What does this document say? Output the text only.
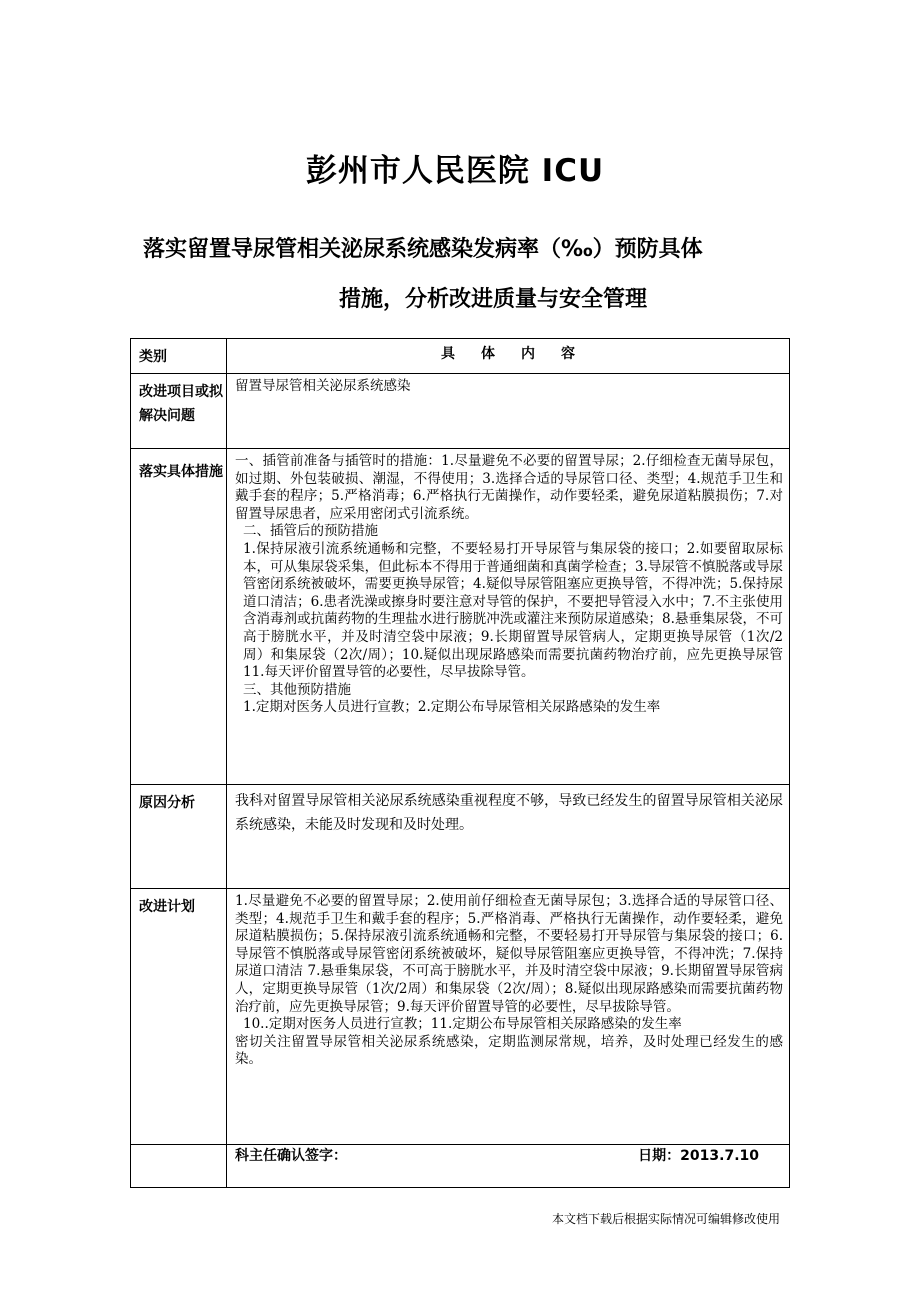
彭州市人民医院 ICU
落实留置导尿管相关泌尿系统感染发病率（‰）预防具体
措施，分析改进质量与安全管理
类别	具体内容
改进项目或拟解决问题	留置导尿管相关泌尿系统感染

落实具体措施	一、插管前准备与插管时的措施：1.尽量避免不必要的留置导尿；2.仔细检查无菌导尿包，如过期、外包装破损、潮湿，不得使用；3.选择合适的导尿管口径、类型；4.规范手卫生和戴手套的程序；5.严格消毒；6.严格执行无菌操作，动作要轻柔，避免尿道粘膜损伤；7.对留置导尿患者，应采用密闭式引流系统。

二、插管后的预防措施

1.保持尿液引流系统通畅和完整，不要轻易打开导尿管与集尿袋的接口；2.如要留取尿标本，可从集尿袋采集，但此标本不得用于普通细菌和真菌学检查；3.导尿管不慎脱落或导尿管密闭系统被破坏，需要更换导尿管；4.疑似导尿管阻塞应更换导管，不得冲洗；5.保持尿道口清洁；6.患者洗澡或擦身时要注意对导管的保护，不要把导管浸入水中；7.不主张使用含消毒剂或抗菌药物的生理盐水进行膀胱冲洗或灌注来预防尿道感染；8.悬垂集尿袋，不可高于膀胱水平，并及时清空袋中尿液；9.长期留置导尿管病人，定期更换导尿管（1次/2周）和集尿袋（2次/周）；10.疑似出现尿路感染而需要抗菌药物治疗前，应先更换导尿管 11.每天评价留置导管的必要性，尽早拔除导管。

三、其他预防措施

1.定期对医务人员进行宣教；2.定期公布导尿管相关尿路感染的发生率

原因分析	我科对留置导尿管相关泌尿系统感染重视程度不够，导致已经发生的留置导尿管相关泌尿系统感染，未能及时发现和及时处理。

改进计划	1.尽量避免不必要的留置导尿；2.使用前仔细检查无菌导尿包；3.选择合适的导尿管口径、类型；4.规范手卫生和戴手套的程序；5.严格消毒、严格执行无菌操作，动作要轻柔，避免尿道粘膜损伤；5.保持尿液引流系统通畅和完整，不要轻易打开导尿管与集尿袋的接口；6.导尿管不慎脱落或导尿管密闭系统被破坏，疑似导尿管阻塞应更换导管，不得冲洗；7.保持尿道口清洁 7.悬垂集尿袋，不可高于膀胱水平，并及时清空袋中尿液；9.长期留置导尿管病人，定期更换导尿管（1次/2周）和集尿袋（2次/周）；8.疑似出现尿路感染而需要抗菌药物治疗前，应先更换导尿管；9.每天评价留置导管的必要性，尽早拔除导管。

10..定期对医务人员进行宣教；11.定期公布导尿管相关尿路感染的发生率

密切关注留置导尿管相关泌尿系统感染，定期监测尿常规，培养，及时处理已经发生的感染。

	科主任确认签字： 日期：2013.7.10
本文档下载后根据实际情况可编辑修改使用
